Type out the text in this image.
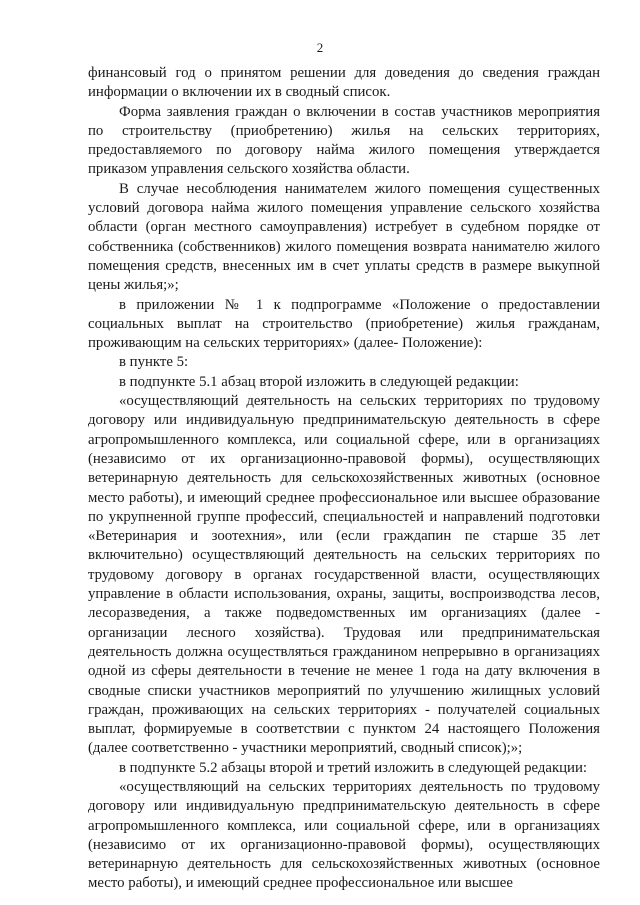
2

финансовый год о принятом решении для доведения до сведения граждан информации о включении их в сводный список.

Форма заявления граждан о включении в состав участников мероприятия по строительству (приобретению) жилья на сельских территориях, предоставляемого по договору найма жилого помещения утверждается приказом управления сельского хозяйства области.

В случае несоблюдения нанимателем жилого помещения существенных условий договора найма жилого помещения управление сельского хозяйства области (орган местного самоуправления) истребует в судебном порядке от собственника (собственников) жилого помещения возврата нанимателю жилого помещения средств, внесенных им в счет уплаты средств в размере выкупной цены жилья;»;

в приложении № 1 к подпрограмме «Положение о предоставлении социальных выплат на строительство (приобретение) жилья гражданам, проживающим на сельских территориях» (далее- Положение):

в пункте 5:

в подпункте 5.1 абзац второй изложить в следующей редакции:

«осуществляющий деятельность на сельских территориях по трудовому договору или индивидуальную предпринимательскую деятельность в сфере агропромышленного комплекса, или социальной сфере, или в организациях (независимо от их организационно-правовой формы), осуществляющих ветеринарную деятельность для сельскохозяйственных животных (основное место работы), и имеющий среднее профессиональное или высшее образование по укрупненной группе профессий, специальностей и направлений подготовки «Ветеринария и зоотехния», или (если граждапин пе старше 35 лет включительно) осуществляющий деятельность на сельских территориях по трудовому договору в органах государственной власти, осуществляющих управление в области использования, охраны, защиты, воспроизводства лесов, лесоразведения, а также подведомственных им организациях (далее - организации лесного хозяйства). Трудовая или предпринимательская деятельность должна осуществляться гражданином непрерывно в организациях одной из сферы деятельности в течение не менее 1 года на дату включения в сводные списки участников мероприятий по улучшению жилищных условий граждан, проживающих на сельских территориях - получателей социальных выплат, формируемые в соответствии с пунктом 24 настоящего Положения (далее соответственно - участники мероприятий, сводный список);»;

в подпункте 5.2 абзацы второй и третий изложить в следующей редакции:

«осуществляющий на сельских территориях деятельность по трудовому договору или индивидуальную предпринимательскую деятельность в сфере агропромышленного комплекса, или социальной сфере, или в организациях (независимо от их организационно-правовой формы), осуществляющих ветеринарную деятельность для сельскохозяйственных животных (основное место работы), и имеющий среднее профессиональное или высшее
